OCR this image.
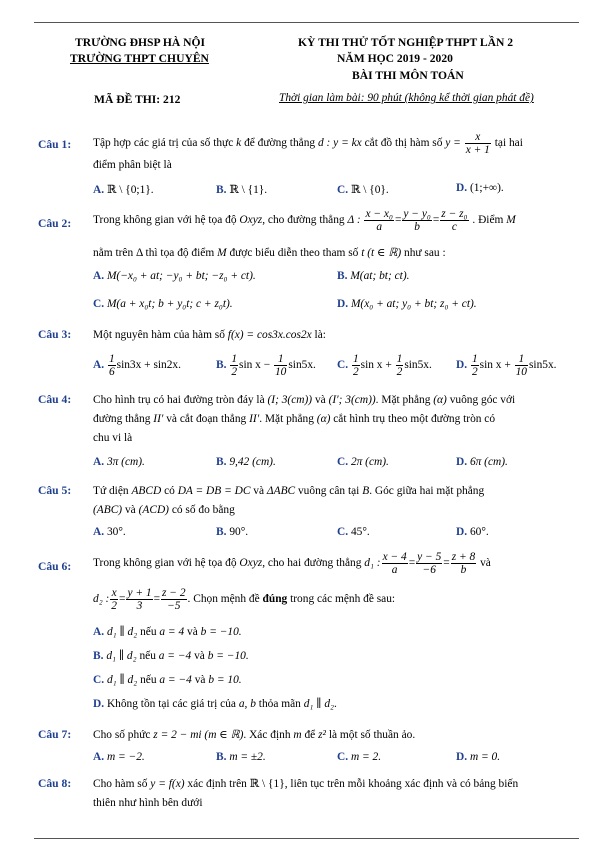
TRƯỜNG ĐHSP HÀ NỘI
TRƯỜNG THPT CHUYÊN
KỲ THI THỬ TỐT NGHIỆP THPT LẦN 2
NĂM HỌC 2019 - 2020
BÀI THI MÔN TOÁN
MÃ ĐỀ THI: 212	Thời gian làm bài: 90 phút (không kể thời gian phát đề)
Câu 1: Tập hợp các giá trị của số thực k để đường thẳng d : y = kx cắt đồ thị hàm số $y = \frac{x}{x + 1}$ tại hai
điểm phân biệt là
A. ℝ \ {0;1}.	B. ℝ \ {1}.	C. ℝ \ {0}.	D. (1;+∞).
Câu 2: Trong không gian với hệ tọa độ Oxyz, cho đường thẳng Δ : $\frac{\text{x − x₀}}{a} = \frac{\text{y − y₀}}{b} = \frac{\text{z − z₀}}{c}$ . Điểm M
nằm trên Δ thì tọa độ điểm M được biểu diễn theo tham số t (t ∈ ℝ) như sau :
A. M(−x₀ + at; −y₀ + bt; −z₀ + ct).	B. M(at; bt; ct).
C. M(a + x₀t; b + y₀t; c + z₀t).	D. M(x₀ + at; y₀ + bt; z₀ + ct).
Câu 3: Một nguyên hàm của hàm số f(x) = cos3x.cos2x là:
A. $\frac{1}{6} \sin 3x + \sin 2x$.	B. $\frac{1}{2}$ $\sin x - \frac{1}{10} \sin 5x$. C. $\frac{1}{2}$ $\sin x + \frac{1}{2} \sin 5x$. D. $\frac{1}{2}$ $\sin x + \frac{1}{10} \sin 5x$.
Câu 4: Cho hình trụ có hai đường tròn đáy là (I; 3(cm)) và (I′; 3(cm)). Mặt phẳng (α) vuông góc với
đường thẳng II′ và cắt đoạn thẳng II′. Mặt phẳng (α) cắt hình trụ theo một đường tròn có
chu vi là
A. 3π (cm).	B. 9,42 (cm).	C. 2π (cm).	D. 6π (cm).
Câu 5: Tứ diện ABCD có DA = DB = DC và ΔABC vuông cân tại B. Góc giữa hai mặt phẳng
(ABC) và (ACD) có số đo bằng
A. 30°.	B. 90°.	C. 45°.	D. 60°.
Câu 6: Trong không gian với hệ tọa độ Oxyz, cho hai đường thẳng d₁ : $\frac{x - 4}{a} = \frac{y - 5}{-6} = \frac{z + 8}{b}$ và
d₂ : $\frac{x}{2} = \frac{y + 1}{3} = \frac{z - 2}{-5}$ . Chọn mệnh đề đúng trong các mệnh đề sau:
A. d₁ ∥ d₂ nếu a = 4 và b = −10.
B. d₁ ∥ d₂ nếu a = −4 và b = −10.
C. d₁ ∥ d₂ nếu a = −4 và b = 10.
D. Không tồn tại các giá trị của a, b thỏa mãn d₁ ∥ d₂.
Câu 7: Cho số phức z = 2 − mi (m ∈ ℝ). Xác định m để z² là một số thuần ảo.
A. m = −2.	B. m = ±2.	C. m = 2.	D. m = 0.
Câu 8: Cho hàm số y = f(x) xác định trên ℝ \ {1}, liên tục trên mỗi khoảng xác định và có bảng biến
thiên như hình bên dưới
